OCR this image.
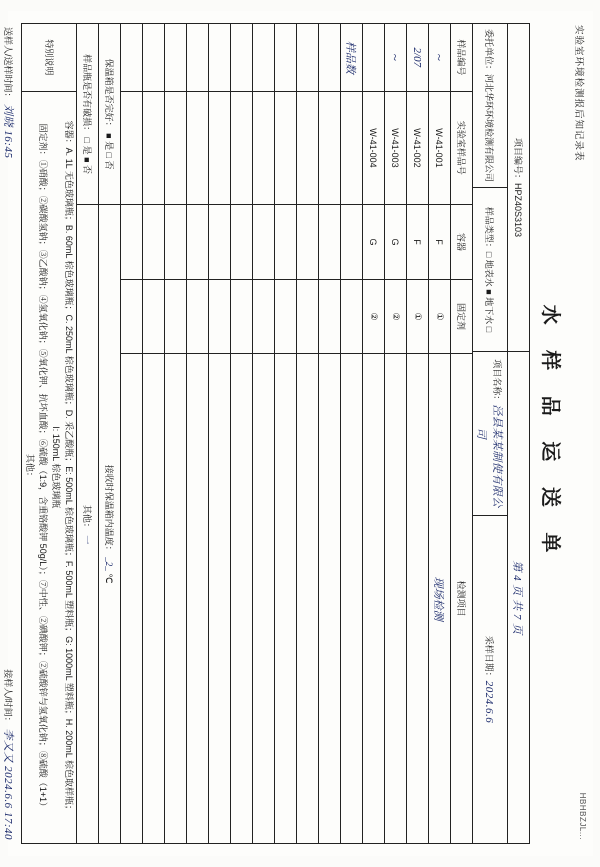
实验室环境检测报后知记录表
HBHBZJL...
水 样 品 运 送 单
项目编号：HPZ40S3103		第 4 页 共 7 页	
委托单位：河北华环环境检测有限公司	样品类型：□ 地表水 ■ 地下水 □	项目名称：泾县某某制使有限公司	采样日期：2024.6.6
样品编号	实验室样品号	容器	固定剂	检测项目
~	W-41-001	F	①	现场检测
2/07	W-41-002	F	①	
~	W-41-003	G	②	
	W-41-004	G	②	
样品数				

保温箱是否完好： ■ 是 □ 否		接收时保温箱内温度： _2_ ℃		
样品瓶是否有破损： □ 是 ■ 否		其他： 一		
特别说明	容器：A. 1L 无色玻璃瓶；B. 60mL 棕色玻璃瓶；C. 250mL 棕色玻璃瓶；D. 采乙酸瓶；E: 500mL 棕色玻璃瓶；F. 500mL 塑料瓶；G: 1000mL 塑料瓶；H. 200mL 棕色取样瓶；
I: 150mL 棕色玻璃瓶
固定剂：①硝酸；②碳酸氢钠；③乙酸钠；④氢氧化钠；⑤氧化钾、抗坏血酸；⑥硫酸（1:9，含重铬酸钾 50g/L）；⑦中性、②碘酸钾；②硫酸锌与氢氧化钠；⑧硫酸（1+1）
其他：			
送样人/送样时间： 刘晓 16:45
接样人/时间： 李又又 2024.6.6 17:40
